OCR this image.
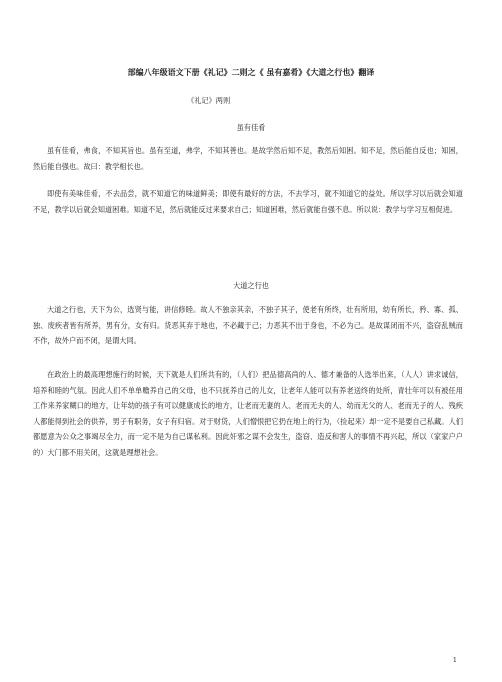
部编八年级语文下册《礼记》二则之《 虽有嘉肴》《大道之行也》翻译
《礼记》两则
虽有佳肴

虽有佳肴，弗食，不知其旨也。虽有至道，弗学，不知其善也。是故学然后知不足，教然后知困。知不足，然后能自反也；知困，然后能自强也。故曰：教学相长也。

即使有美味佳肴，不去品尝，就不知道它的味道鲜美；即使有最好的方法，不去学习，就不知道它的益处。所以学习以后就会知道不足，教学以后就会知道困难。知道不足，然后就能反过来要求自己；知道困难，然后就能自强不息。所以说：教学与学习互相促进。

大道之行也

大道之行也，天下为公，选贤与能，讲信修睦。故人不独亲其亲，不独子其子，使老有所终，壮有所用，幼有所长，矜、寡、孤、独、废疾者皆有所养，男有分，女有归。货恶其弃于地也，不必藏于己；力恶其不出于身也，不必为己。是故谋闭而不兴，盗窃乱贼而不作，故外户而不闭，是谓大同。

在政治上的最高理想施行的时候，天下就是人们所共有的，（人们）把品德高尚的人、德才兼备的人选举出来，（人人）讲求诚信，培养和睦的气氛。因此人们不单单赡养自己的父母，也不只抚养自己的儿女，让老年人能可以有养老送终的处所，青壮年可以有被任用工作来养家糊口的地方，让年幼的孩子有可以健康成长的地方，让老而无妻的人、老而无夫的人、幼而无父的人、老而无子的人、残疾人都能得到社会的供养，男子有职务，女子有归宿。对于财货，人们憎恨把它扔在地上的行为，（捡起来）却一定不是要自己私藏。人们都愿意为公众之事竭尽全力，而一定不是为自己谋私利。因此奸邪之谋不会发生，盗窃、造反和害人的事情不再兴起，所以（家家户户的）大门都不用关闭，这就是理想社会。

1
